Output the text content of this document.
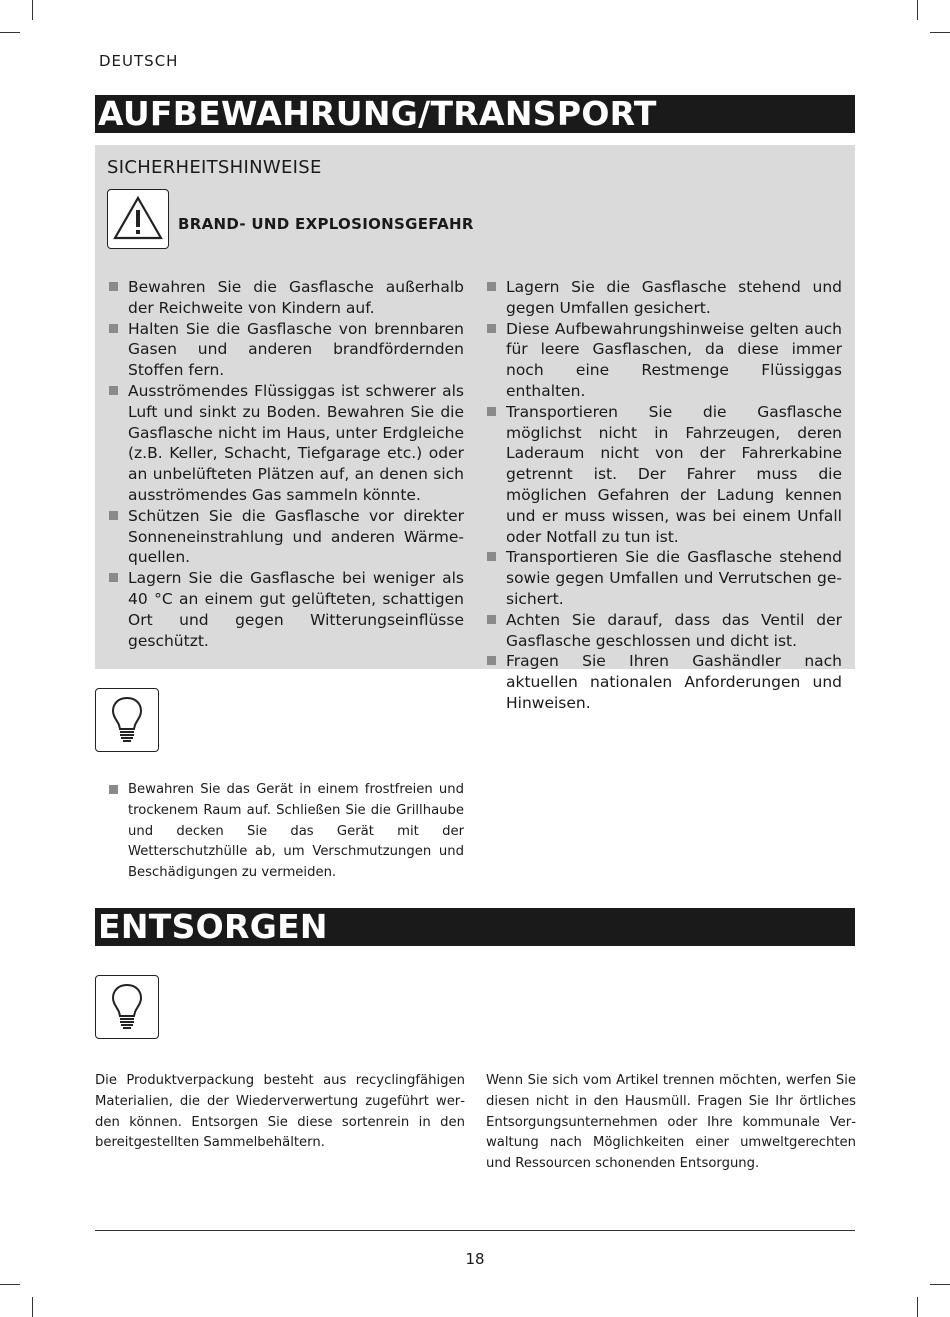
DEUTSCH
AUFBEWAHRUNG/TRANSPORT
SICHERHEITSHINWEISE
BRAND- UND EXPLOSIONSGEFAHR
Bewahren Sie die Gasflasche außerhalb der Reichweite von Kindern auf.
Halten Sie die Gasflasche von brennbaren Gasen und anderen brandfördernden Stoffen fern.
Ausströmendes Flüssiggas ist schwerer als Luft und sinkt zu Boden. Bewahren Sie die Gasflasche nicht im Haus, unter Erdgleiche (z.B. Keller, Schacht, Tiefgarage etc.) oder an unbelüfteten Plätzen auf, an denen sich ausströmendes Gas sammeln könnte.
Schützen Sie die Gasflasche vor direkter Sonneneinstrahlung und anderen Wärmequellen.
Lagern Sie die Gasflasche bei weniger als 40 °C an einem gut gelüfteten, schattigen Ort und gegen Witterungseinflüsse geschützt.
Lagern Sie die Gasflasche stehend und gegen Umfallen gesichert.
Diese Aufbewahrungshinweise gelten auch für leere Gasflaschen, da diese immer noch eine Restmenge Flüssiggas enthalten.
Transportieren Sie die Gasflasche möglichst nicht in Fahrzeugen, deren Laderaum nicht von der Fahrerkabine getrennt ist. Der Fahrer muss die möglichen Gefahren der Ladung kennen und er muss wissen, was bei einem Unfall oder Notfall zu tun ist.
Transportieren Sie die Gasflasche stehend sowie gegen Umfallen und Verrutschen gesichert.
Achten Sie darauf, dass das Ventil der Gasflasche geschlossen und dicht ist.
Fragen Sie Ihren Gashändler nach aktuellen nationalen Anforderungen und Hinweisen.
Bewahren Sie das Gerät in einem frostfreien und trockenem Raum auf. Schließen Sie die Grillhaube und decken Sie das Gerät mit der Wetterschutzhülle ab, um Verschmutzungen und Beschädigungen zu vermeiden.
ENTSORGEN
Die Produktverpackung besteht aus recyclingfähigen Materialien, die der Wiederverwertung zugeführt werden können. Entsorgen Sie diese sortenrein in den bereitgestellten Sammelbehältern.
Wenn Sie sich vom Artikel trennen möchten, werfen Sie diesen nicht in den Hausmüll. Fragen Sie Ihr örtliches Entsorgungsunternehmen oder Ihre kommunale Verwaltung nach Möglichkeiten einer umweltgerechten und Ressourcen schonenden Entsorgung.
18
